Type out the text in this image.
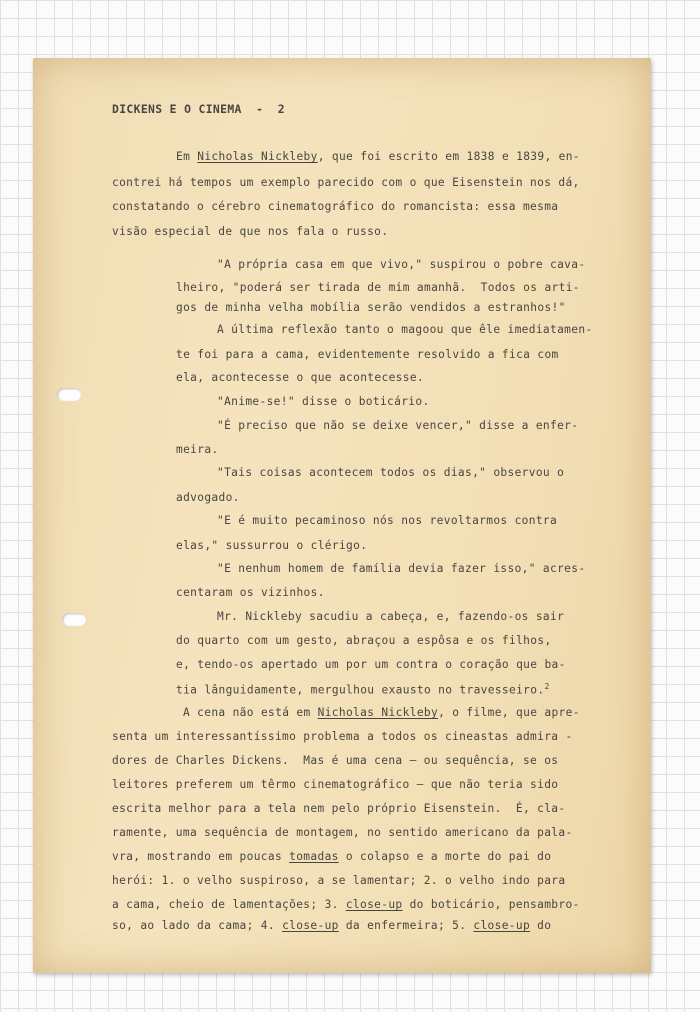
DICKENS E O CINEMA  -  2
Em Nicholas Nickleby, que foi escrito em 1838 e 1839, en-
contrei há tempos um exemplo parecido com o que Eisenstein nos dá,
constatando o cérebro cinematográfico do romancista: essa mesma
visão especial de que nos fala o russo.
"A própria casa em que vivo," suspirou o pobre cava-
lheiro, "poderá ser tirada de mim amanhã.  Todos os arti-
gos de minha velha mobília serão vendidos a estranhos!"
A última reflexão tanto o magoou que êle imediatamen-
te foi para a cama, evidentemente resolvido a fica com
ela, acontecesse o que acontecesse.
"Anime-se!" disse o boticário.
"É preciso que não se deixe vencer," disse a enfer-
meira.
"Tais coisas acontecem todos os dias," observou o
advogado.
"E é muito pecaminoso nós nos revoltarmos contra
elas," sussurrou o clérigo.
"E nenhum homem de família devia fazer isso," acres-
centaram os vizinhos.
Mr. Nickleby sacudiu a cabeça, e, fazendo-os sair
do quarto com um gesto, abraçou a espôsa e os filhos,
e, tendo-os apertado um por um contra o coração que ba-
tia lânguidamente, mergulhou exausto no travesseiro.$^2$
A cena não está em Nicholas Nickleby, o filme, que apre-
senta um interessantíssimo problema a todos os cineastas admira -
dores de Charles Dickens.  Mas é uma cena — ou sequência, se os
leitores preferem um têrmo cinematográfico — que não teria sido
escrita melhor para a tela nem pelo próprio Eisenstein.  É, cla-
ramente, uma sequência de montagem, no sentido americano da pala-
vra, mostrando em poucas tomadas o colapso e a morte do pai do
herói: 1. o velho suspiroso, a se lamentar; 2. o velho indo para
a cama, cheio de lamentações; 3. close-up do boticário, pensambro-
so, ao lado da cama; 4. close-up da enfermeira; 5. close-up do
